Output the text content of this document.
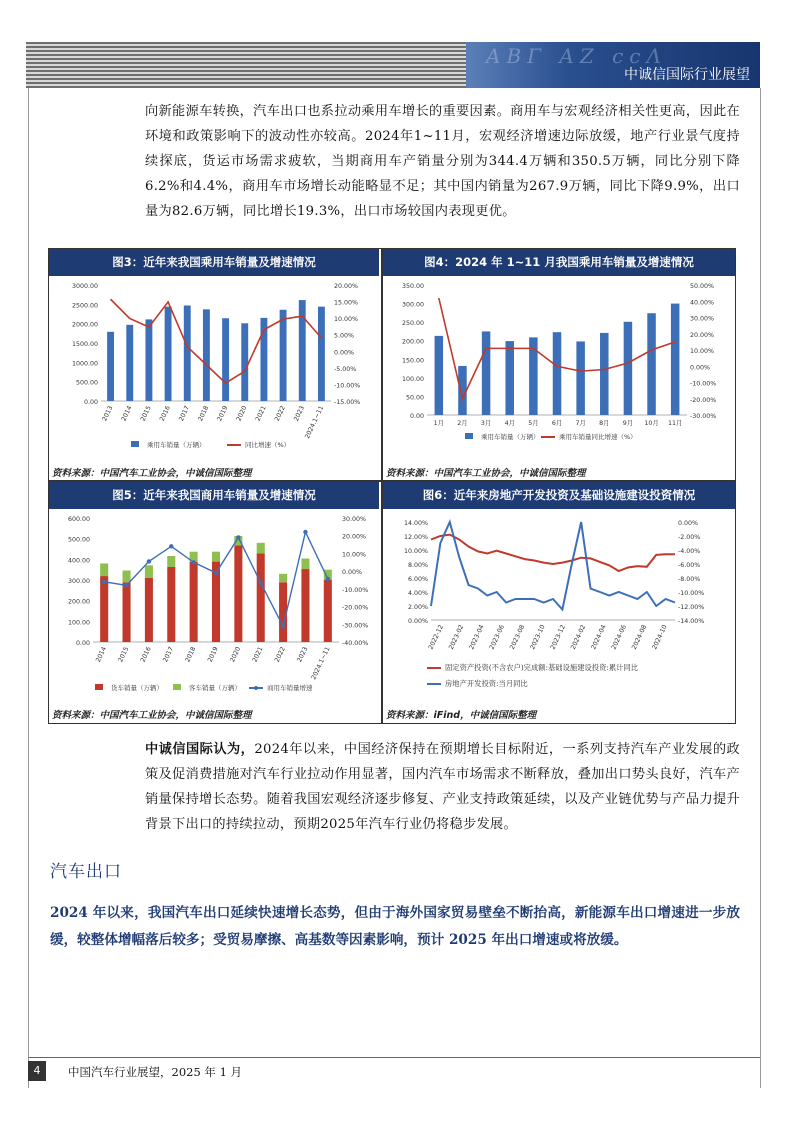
ΑΒΓ AZ ccΛ
中诚信国际行业展望
向新能源车转换，汽车出口也系拉动乘用车增长的重要因素。商用车与宏观经济相关性更高，因此在环境和政策影响下的波动性亦较高。2024年1~11月，宏观经济增速边际放缓，地产行业景气度持续探底，货运市场需求疲软，当期商用车产销量分别为344.4万辆和350.5万辆，同比分别下降6.2%和4.4%，商用车市场增长动能略显不足；其中国内销量为267.9万辆，同比下降9.9%，出口量为82.6万辆，同比增长19.3%，出口市场较国内表现更优。
图3：近年来我国乘用车销量及增速情况
0.00
500.00
1000.00
1500.00
2000.00
2500.00
3000.00
-15.00%
-10.00%
-5.00%
0.00%
5.00%
10.00%
15.00%
20.00%
2013 2014 2015 2016 2017 2018 2019 2020 2021 2022 2023
2024.1~11
乘用车销量（万辆）	同比增速（%）
资料来源：中国汽车工业协会，中诚信国际整理
图4：2024 年 1~11 月我国乘用车销量及增速情况
0.00
50.00
100.00
150.00
200.00
250.00
300.00
350.00
-30.00%
-20.00%
-10.00%
0.00%
10.00%
20.00%
30.00%
40.00%
50.00%
1月 2月 3月 4月 5月 6月 7月 8月 9月 10月 11月
乘用车销量（万辆）	乘用车销量同比增速（%）
资料来源：中国汽车工业协会，中诚信国际整理
图5：近年来我国商用车销量及增速情况
0.00
100.00
200.00
300.00
400.00
500.00
600.00
-40.00%
-30.00%
-20.00%
-10.00%
0.00%
10.00%
20.00%
30.00%
2014 2015 2016 2017 2018 2019 2020 2021 2022 2023 2024.1~11
货车销量（万辆）	客车销量（万辆）	商用车销量增速
资料来源：中国汽车工业协会，中诚信国际整理
图6：近年来房地产开发投资及基础设施建设投资情况
0.00%
2.00%
4.00%
6.00%
8.00%
10.00%
12.00%
14.00%
-14.00%
-12.00%
-10.00%
-8.00%
-6.00%
-4.00%
-2.00%
0.00%
2022-12 2023-02 2023-04 2023-06 2023-08 2023-10 2023-12 2024-02 2024-04 2024-06 2024-08 2024-10
固定资产投资(不含农户)完成额:基础设施建设投资:累计同比
房地产开发投资:当月同比
资料来源：iFind，中诚信国际整理
中诚信国际认为，2024年以来，中国经济保持在预期增长目标附近，一系列支持汽车产业发展的政策及促消费措施对汽车行业拉动作用显著，国内汽车市场需求不断释放，叠加出口势头良好，汽车产销量保持增长态势。随着我国宏观经济逐步修复、产业支持政策延续，以及产业链优势与产品力提升背景下出口的持续拉动，预期2025年汽车行业仍将稳步发展。
汽车出口
2024 年以来，我国汽车出口延续快速增长态势，但由于海外国家贸易壁垒不断抬高，新能源车出口增速进一步放缓，较整体增幅落后较多；受贸易摩擦、高基数等因素影响，预计 2025 年出口增速或将放缓。
4	中国汽车行业展望，2025 年 1 月
